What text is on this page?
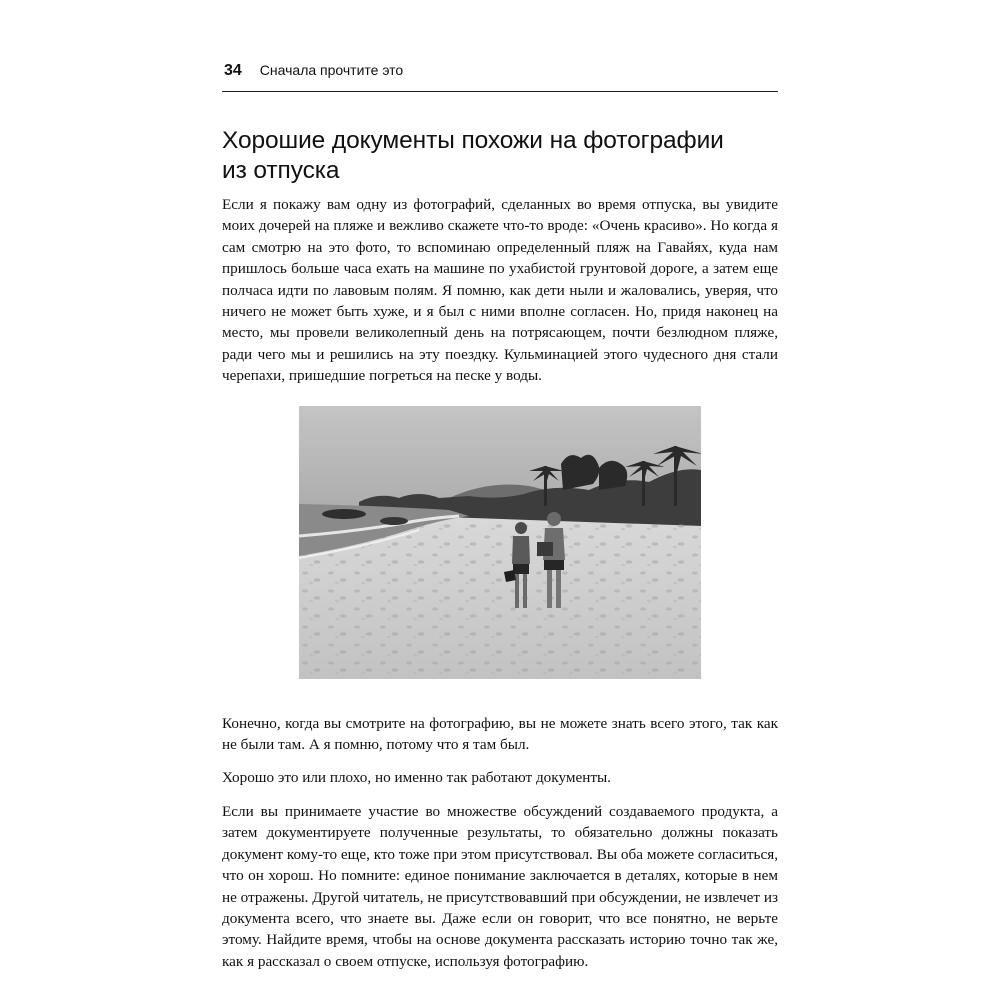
34 Сначала прочтите это
Хорошие документы похожи на фотографии
из отпуска

Если я покажу вам одну из фотографий, сделанных во время отпуска, вы увидите моих дочерей на пляже и вежливо скажете что-то вроде: «Очень красиво». Но когда я сам смотрю на это фото, то вспоминаю определенный пляж на Гавайях, куда нам пришлось больше часа ехать на машине по ухабистой грунтовой дороге, а затем еще полчаса идти по лавовым полям. Я помню, как дети ныли и жаловались, уверяя, что ничего не может быть хуже, и я был с ними вполне согласен. Но, придя наконец на место, мы провели великолепный день на потрясающем, почти безлюдном пляже, ради чего мы и решились на эту поездку. Кульминацией этого чудесного дня стали черепахи, пришедшие погреться на песке у воды.

Конечно, когда вы смотрите на фотографию, вы не можете знать всего этого, так как не были там. А я помню, потому что я там был.

Хорошо это или плохо, но именно так работают документы.

Если вы принимаете участие во множестве обсуждений создаваемого продукта, а затем документируете полученные результаты, то обязательно должны показать документ кому-то еще, кто тоже при этом присутствовал. Вы оба можете согласиться, что он хорош. Но помните: единое понимание заключается в деталях, которые в нем не отражены. Другой читатель, не присутствовавший при обсуждении, не извлечет из документа всего, что знаете вы. Даже если он говорит, что все понятно, не верьте этому. Найдите время, чтобы на основе документа рассказать историю точно так же, как я рассказал о своем отпуске, используя фотографию.
